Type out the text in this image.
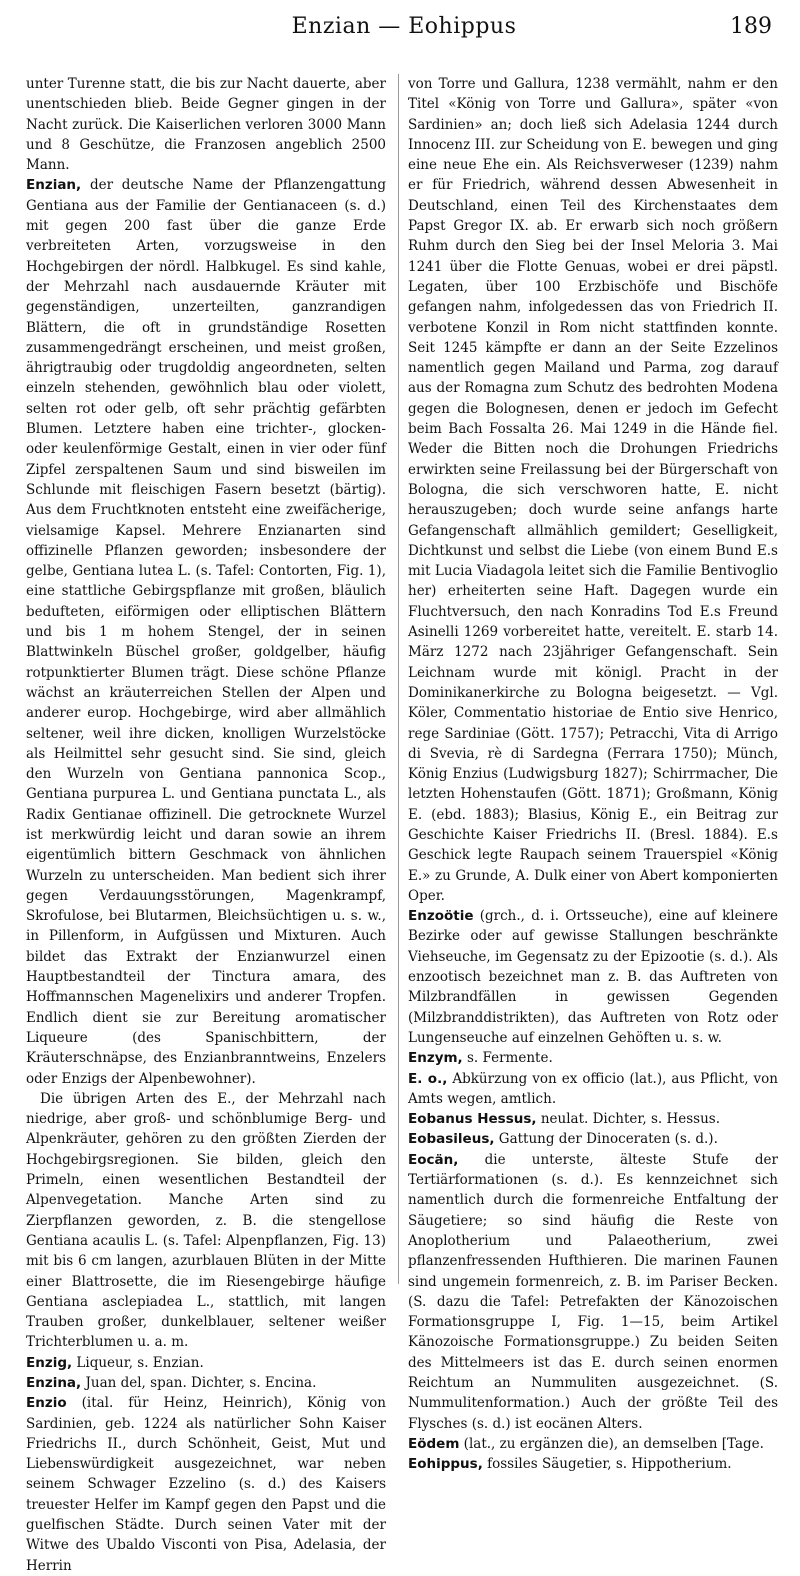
Enzian — Eohippus	189

unter Turenne statt, die bis zur Nacht dauerte, aber unentschieden blieb. Beide Gegner gingen in der Nacht zurück. Die Kaiserlichen verloren 3000 Mann und 8 Geschütze, die Franzosen angeblich 2500 Mann.

Enzian, der deutsche Name der Pflanzengattung Gentiana aus der Familie der Gentianaceen (s. d.) mit gegen 200 fast über die ganze Erde verbreiteten Arten, vorzugsweise in den Hochgebirgen der nördl. Halbkugel. Es sind kahle, der Mehrzahl nach ausdauernde Kräuter mit gegenständigen, unzerteilten, ganzrandigen Blättern, die oft in grundständige Rosetten zusammengedrängt erscheinen, und meist großen, ährigtraubig oder trugdoldig angeordneten, selten einzeln stehenden, gewöhnlich blau oder violett, selten rot oder gelb, oft sehr prächtig gefärbten Blumen. Letztere haben eine trichter-, glocken- oder keulenförmige Gestalt, einen in vier oder fünf Zipfel zerspaltenen Saum und sind bisweilen im Schlunde mit fleischigen Fasern besetzt (bärtig). Aus dem Fruchtknoten entsteht eine zweifächerige, vielsamige Kapsel. Mehrere Enzianarten sind offizinelle Pflanzen geworden; insbesondere der gelbe, Gentiana lutea L. (s. Tafel: Contorten, Fig. 1), eine stattliche Gebirgspflanze mit großen, bläulich bedufteten, eiförmigen oder elliptischen Blättern und bis 1 m hohem Stengel, der in seinen Blattwinkeln Büschel großer, goldgelber, häufig rotpunktierter Blumen trägt. Diese schöne Pflanze wächst an kräuterreichen Stellen der Alpen und anderer europ. Hochgebirge, wird aber allmählich seltener, weil ihre dicken, knolligen Wurzelstöcke als Heilmittel sehr gesucht sind. Sie sind, gleich den Wurzeln von Gentiana pannonica Scop., Gentiana purpurea L. und Gentiana punctata L., als Radix Gentianae offizinell. Die getrocknete Wurzel ist merkwürdig leicht und daran sowie an ihrem eigentümlich bittern Geschmack von ähnlichen Wurzeln zu unterscheiden. Man bedient sich ihrer gegen Verdauungsstörungen, Magenkrampf, Skrofulose, bei Blutarmen, Bleichsüchtigen u. s. w., in Pillenform, in Aufgüssen und Mixturen. Auch bildet das Extrakt der Enzianwurzel einen Hauptbestandteil der Tinctura amara, des Hoffmannschen Magenelixirs und anderer Tropfen. Endlich dient sie zur Bereitung aromatischer Liqueure (des Spanischbittern, der Kräuterschnäpse, des Enzianbranntweins, Enzelers oder Enzigs der Alpenbewohner).

Die übrigen Arten des E., der Mehrzahl nach niedrige, aber groß- und schönblumige Berg- und Alpenkräuter, gehören zu den größten Zierden der Hochgebirgsregionen. Sie bilden, gleich den Primeln, einen wesentlichen Bestandteil der Alpenvegetation. Manche Arten sind zu Zierpflanzen geworden, z. B. die stengellose Gentiana acaulis L. (s. Tafel: Alpenpflanzen, Fig. 13) mit bis 6 cm langen, azurblauen Blüten in der Mitte einer Blattrosette, die im Riesengebirge häufige Gentiana asclepiadea L., stattlich, mit langen Trauben großer, dunkelblauer, seltener weißer Trichterblumen u. a. m.

Enzig, Liqueur, s. Enzian.

Enzina, Juan del, span. Dichter, s. Encina.

Enzio (ital. für Heinz, Heinrich), König von Sardinien, geb. 1224 als natürlicher Sohn Kaiser Friedrichs II., durch Schönheit, Geist, Mut und Liebenswürdigkeit ausgezeichnet, war neben seinem Schwager Ezzelino (s. d.) des Kaisers treuester Helfer im Kampf gegen den Papst und die guelfischen Städte. Durch seinen Vater mit der Witwe des Ubaldo Visconti von Pisa, Adelasia, der Herrin

von Torre und Gallura, 1238 vermählt, nahm er den Titel «König von Torre und Gallura», später «von Sardinien» an; doch ließ sich Adelasia 1244 durch Innocenz III. zur Scheidung von E. bewegen und ging eine neue Ehe ein. Als Reichsverweser (1239) nahm er für Friedrich, während dessen Abwesenheit in Deutschland, einen Teil des Kirchenstaates dem Papst Gregor IX. ab. Er erwarb sich noch größern Ruhm durch den Sieg bei der Insel Meloria 3. Mai 1241 über die Flotte Genuas, wobei er drei päpstl. Legaten, über 100 Erzbischöfe und Bischöfe gefangen nahm, infolgedessen das von Friedrich II. verbotene Konzil in Rom nicht stattfinden konnte. Seit 1245 kämpfte er dann an der Seite Ezzelinos namentlich gegen Mailand und Parma, zog darauf aus der Romagna zum Schutz des bedrohten Modena gegen die Bolognesen, denen er jedoch im Gefecht beim Bach Fossalta 26. Mai 1249 in die Hände fiel. Weder die Bitten noch die Drohungen Friedrichs erwirkten seine Freilassung bei der Bürgerschaft von Bologna, die sich verschworen hatte, E. nicht herauszugeben; doch wurde seine anfangs harte Gefangenschaft allmählich gemildert; Geselligkeit, Dichtkunst und selbst die Liebe (von einem Bund E.s mit Lucia Viadagola leitet sich die Familie Bentivoglio her) erheiterten seine Haft. Dagegen wurde ein Fluchtversuch, den nach Konradins Tod E.s Freund Asinelli 1269 vorbereitet hatte, vereitelt. E. starb 14. März 1272 nach 23jähriger Gefangenschaft. Sein Leichnam wurde mit königl. Pracht in der Dominikanerkirche zu Bologna beigesetzt. — Vgl. Köler, Commentatio historiae de Entio sive Henrico, rege Sardiniae (Gött. 1757); Petracchi, Vita di Arrigo di Svevia, rè di Sardegna (Ferrara 1750); Münch, König Enzius (Ludwigsburg 1827); Schirrmacher, Die letzten Hohenstaufen (Gött. 1871); Großmann, König E. (ebd. 1883); Blasius, König E., ein Beitrag zur Geschichte Kaiser Friedrichs II. (Bresl. 1884). E.s Geschick legte Raupach seinem Trauerspiel «König E.» zu Grunde, A. Dulk einer von Abert komponierten Oper.

Enzoötie (grch., d. i. Ortsseuche), eine auf kleinere Bezirke oder auf gewisse Stallungen beschränkte Viehseuche, im Gegensatz zu der Epizootie (s. d.). Als enzootisch bezeichnet man z. B. das Auftreten von Milzbrandfällen in gewissen Gegenden (Milzbranddistrikten), das Auftreten von Rotz oder Lungenseuche auf einzelnen Gehöften u. s. w.

Enzym, s. Fermente.

E. o., Abkürzung von ex officio (lat.), aus Pflicht, von Amts wegen, amtlich.

Eobanus Hessus, neulat. Dichter, s. Hessus.

Eobasileus, Gattung der Dinoceraten (s. d.).

Eocän, die unterste, älteste Stufe der Tertiärformationen (s. d.). Es kennzeichnet sich namentlich durch die formenreiche Entfaltung der Säugetiere; so sind häufig die Reste von Anoplotherium und Palaeotherium, zwei pflanzenfressenden Hufthieren. Die marinen Faunen sind ungemein formenreich, z. B. im Pariser Becken. (S. dazu die Tafel: Petrefakten der Känozoischen Formationsgruppe I, Fig. 1—15, beim Artikel Känozoische Formationsgruppe.) Zu beiden Seiten des Mittelmeers ist das E. durch seinen enormen Reichtum an Nummuliten ausgezeichnet. (S. Nummulitenformation.) Auch der größte Teil des Flysches (s. d.) ist eocänen Alters.

Eödem (lat., zu ergänzen die), an demselben [Tage.

Eohippus, fossiles Säugetier, s. Hippotherium.
